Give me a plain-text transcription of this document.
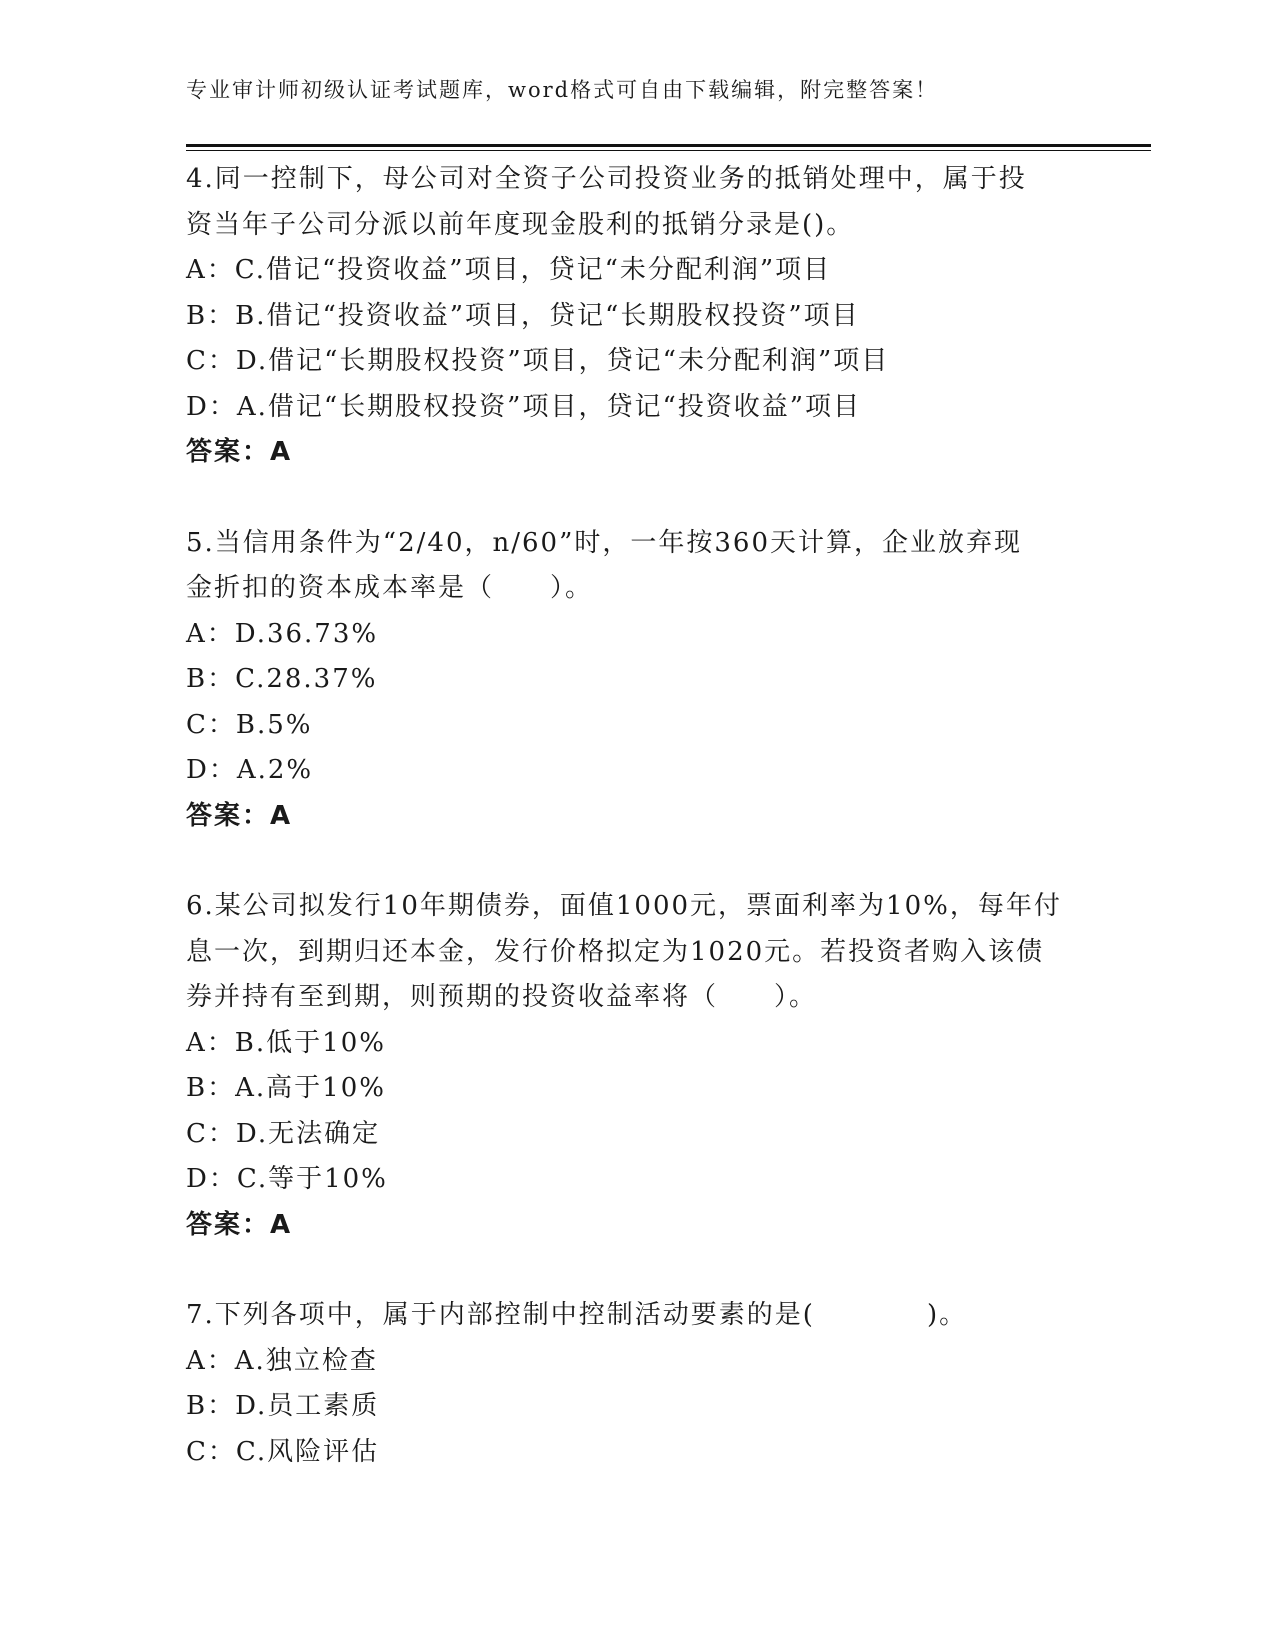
专业审计师初级认证考试题库，word格式可自由下载编辑，附完整答案！
4.同一控制下，母公司对全资子公司投资业务的抵销处理中，属于投
资当年子公司分派以前年度现金股利的抵销分录是()。
A：C.借记“投资收益”项目，贷记“未分配利润”项目
B：B.借记“投资收益”项目，贷记“长期股权投资”项目
C：D.借记“长期股权投资”项目，贷记“未分配利润”项目
D：A.借记“长期股权投资”项目，贷记“投资收益”项目
答案：A
5.当信用条件为“2/40，n/60”时，一年按360天计算，企业放弃现
金折扣的资本成本率是（　　）。
A：D.36.73%
B：C.28.37%
C：B.5%
D：A.2%
答案：A
6.某公司拟发行10年期债券，面值1000元，票面利率为10%，每年付
息一次，到期归还本金，发行价格拟定为1020元。若投资者购入该债
券并持有至到期，则预期的投资收益率将（　　）。
A：B.低于10%
B：A.高于10%
C：D.无法确定
D：C.等于10%
答案：A
7.下列各项中，属于内部控制中控制活动要素的是(　　　　)。
A：A.独立检查
B：D.员工素质
C：C.风险评估
